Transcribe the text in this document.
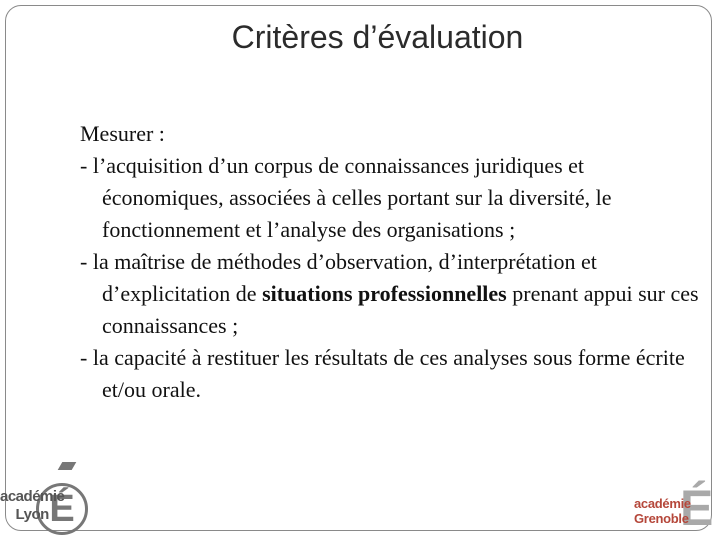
Critères d’évaluation

Mesurer :

- l’acquisition d’un corpus de connaissances juridiques et économiques, associées à celles portant sur la diversité, le fonctionnement et l’analyse des organisations ;

- la maîtrise de méthodes d’observation, d’interprétation et d’explicitation de situations professionnelles prenant appui sur ces connaissances ;

- la capacité à restituer les résultats de ces analyses sous forme écrite et/ou orale.

É
académie
Lyon	É
académie
Grenoble
